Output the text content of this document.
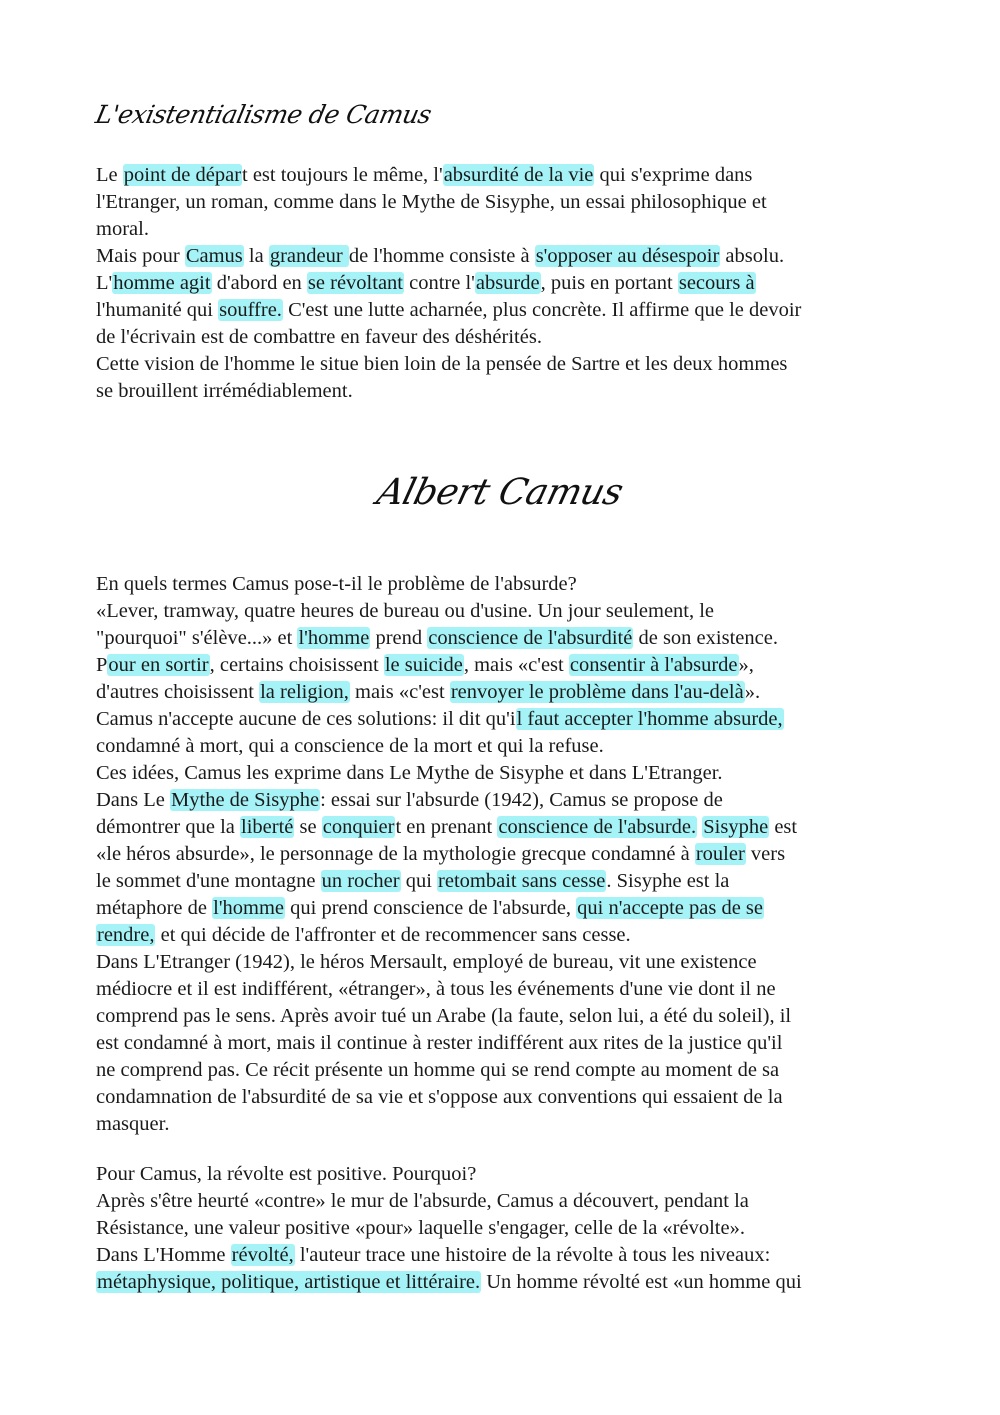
L'existentialisme de Camus
Le point de départ est toujours le même, l'absurdité de la vie qui s'exprime dans
l'Etranger, un roman, comme dans le Mythe de Sisyphe, un essai philosophique et
moral.
Mais pour Camus la grandeur de l'homme consiste à s'opposer au désespoir absolu.
L'homme agit d'abord en se révoltant contre l'absurde, puis en portant secours à
l'humanité qui souffre. C'est une lutte acharnée, plus concrète. Il affirme que le devoir
de l'écrivain est de combattre en faveur des déshérités.
Cette vision de l'homme le situe bien loin de la pensée de Sartre et les deux hommes
se brouillent irrémédiablement.
Albert Camus
En quels termes Camus pose-t-il le problème de l'absurde?
«Lever, tramway, quatre heures de bureau ou d'usine. Un jour seulement, le
"pourquoi" s'élève...» et l'homme prend conscience de l'absurdité de son existence.
Pour en sortir, certains choisissent le suicide, mais «c'est consentir à l'absurde»,
d'autres choisissent la religion, mais «c'est renvoyer le problème dans l'au-delà».
Camus n'accepte aucune de ces solutions: il dit qu'il faut accepter l'homme absurde,
condamné à mort, qui a conscience de la mort et qui la refuse.
Ces idées, Camus les exprime dans Le Mythe de Sisyphe et dans L'Etranger.
Dans Le Mythe de Sisyphe: essai sur l'absurde (1942), Camus se propose de
démontrer que la liberté se conquiert en prenant conscience de l'absurde. Sisyphe est
«le héros absurde», le personnage de la mythologie grecque condamné à rouler vers
le sommet d'une montagne un rocher qui retombait sans cesse. Sisyphe est la
métaphore de l'homme qui prend conscience de l'absurde, qui n'accepte pas de se
rendre, et qui décide de l'affronter et de recommencer sans cesse.
Dans L'Etranger (1942), le héros Mersault, employé de bureau, vit une existence
médiocre et il est indifférent, «étranger», à tous les événements d'une vie dont il ne
comprend pas le sens. Après avoir tué un Arabe (la faute, selon lui, a été du soleil), il
est condamné à mort, mais il continue à rester indifférent aux rites de la justice qu'il
ne comprend pas. Ce récit présente un homme qui se rend compte au moment de sa
condamnation de l'absurdité de sa vie et s'oppose aux conventions qui essaient de la
masquer.
Pour Camus, la révolte est positive. Pourquoi?
Après s'être heurté «contre» le mur de l'absurde, Camus a découvert, pendant la
Résistance, une valeur positive «pour» laquelle s'engager, celle de la «révolte».
Dans L'Homme révolté, l'auteur trace une histoire de la révolte à tous les niveaux:
métaphysique, politique, artistique et littéraire. Un homme révolté est «un homme qui
